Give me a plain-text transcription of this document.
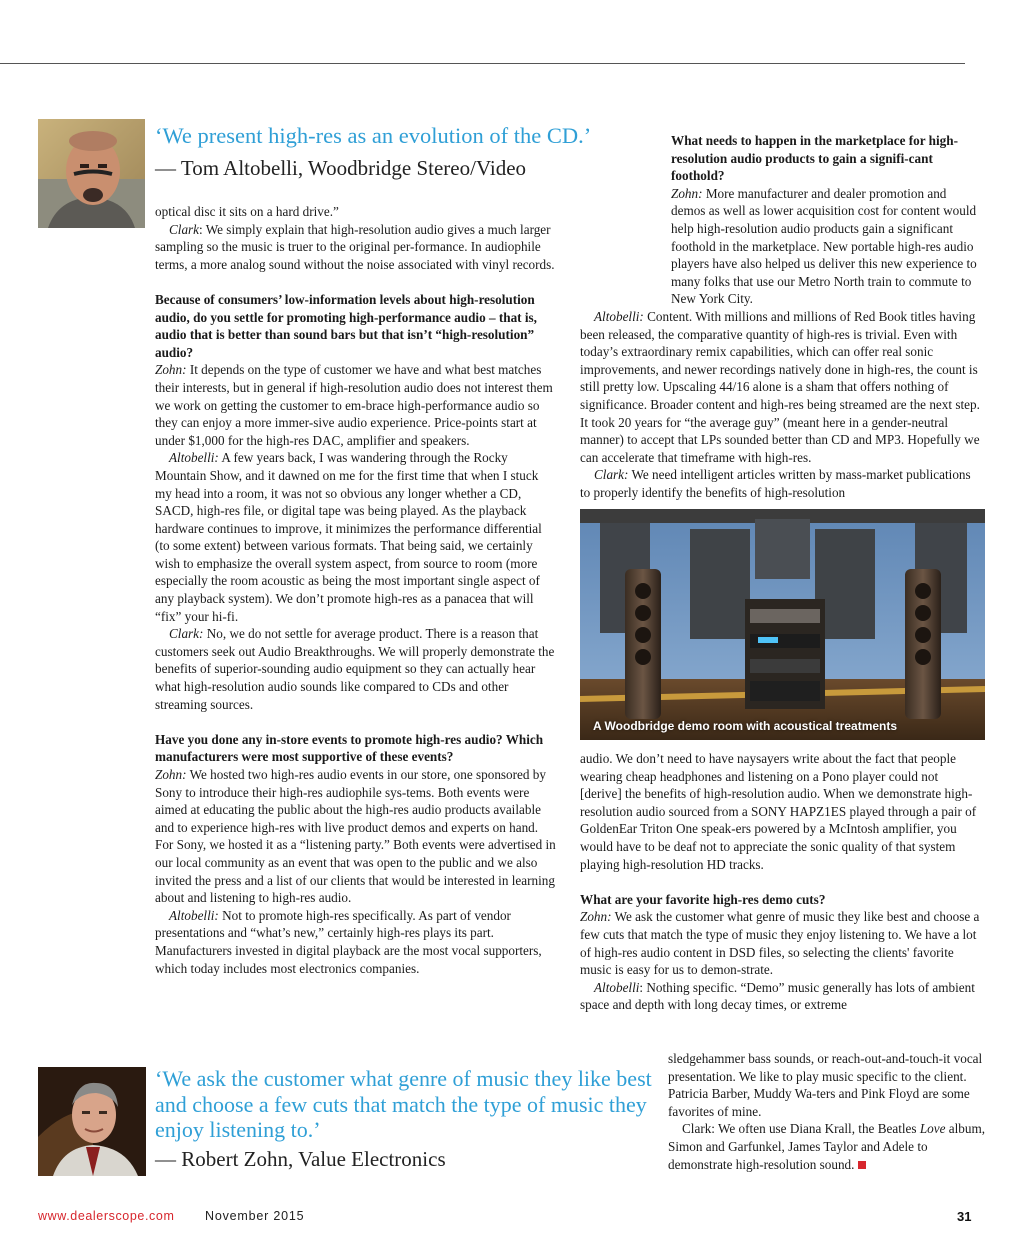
‘We present high-res as an evolution of the CD.’
— Tom Altobelli, Woodbridge Stereo/Video

optical disc it sits on a hard drive.”

Clark: We simply explain that high-resolution audio gives a much larger sampling so the music is truer to the original per-formance. In audiophile terms, a more analog sound without the noise associated with vinyl records.

Because of consumers’ low-information levels about high-resolution audio, do you settle for promoting high-performance audio – that is, audio that is better than sound bars but that isn’t “high-resolution” audio?

Zohn: It depends on the type of customer we have and what best matches their interests, but in general if high-resolution audio does not interest them we work on getting the customer to em-brace high-performance audio so they can enjoy a more immer-sive audio experience. Price-points start at under $1,000 for the high-res DAC, amplifier and speakers.

Altobelli: A few years back, I was wandering through the Rocky Mountain Show, and it dawned on me for the first time that when I stuck my head into a room, it was not so obvious any longer whether a CD, SACD, high-res file, or digital tape was being played. As the playback hardware continues to improve, it minimizes the performance differential (to some extent) between various formats. That being said, we certainly wish to emphasize the overall system aspect, from source to room (more especially the room acoustic as being the most important single aspect of any playback system). We don’t promote high-res as a panacea that will “fix” your hi-fi.

Clark: No, we do not settle for average product. There is a reason that customers seek out Audio Breakthroughs. We will properly demonstrate the benefits of superior-sounding audio equipment so they can actually hear what high-resolution audio sounds like compared to CDs and other streaming sources.

Have you done any in-store events to promote high-res audio? Which manufacturers were most supportive of these events?

Zohn: We hosted two high-res audio events in our store, one sponsored by Sony to introduce their high-res audiophile sys-tems. Both events were aimed at educating the public about the high-res audio products available and to experience high-res with live product demos and experts on hand. For Sony, we hosted it as a “listening party.” Both events were advertised in our local community as an event that was open to the public and we also invited the press and a list of our clients that would be interested in learning about and listening to high-res audio.

Altobelli: Not to promote high-res specifically. As part of vendor presentations and “what’s new,” certainly high-res plays its part. Manufacturers invested in digital playback are the most vocal supporters, which today includes most electronics companies.

What needs to happen in the marketplace for high-resolution audio products to gain a signifi-cant foothold?

Zohn: More manufacturer and dealer promotion and demos as well as lower acquisition cost for content would help high-resolution audio products gain a significant foothold in the marketplace. New portable high-res audio players have also helped us deliver this new experience to many folks that use our Metro North train to commute to New York City.

Altobelli: Content. With millions and millions of Red Book titles having been released, the comparative quantity of high-res is trivial. Even with today’s extraordinary remix capabilities, which can offer real sonic improvements, and newer recordings natively done in high-res, the count is still pretty low. Upscaling 44/16 alone is a sham that offers nothing of significance. Broader content and high-res being streamed are the next step. It took 20 years for “the average guy” (meant here in a gender-neutral manner) to accept that LPs sounded better than CD and MP3. Hopefully we can accelerate that timeframe with high-res.

Clark: We need intelligent articles written by mass-market publications to properly identify the benefits of high-resolution

A Woodbridge demo room with acoustical treatments

audio. We don’t need to have naysayers write about the fact that people wearing cheap headphones and listening on a Pono player could not [derive] the benefits of high-resolution audio. When we demonstrate high-resolution audio sourced from a SONY HAPZ1ES played through a pair of GoldenEar Triton One speak-ers powered by a McIntosh amplifier, you would have to be deaf not to appreciate the sonic quality of that system playing high-resolution HD tracks.

What are your favorite high-res demo cuts?

Zohn: We ask the customer what genre of music they like best and choose a few cuts that match the type of music they enjoy listening to. We have a lot of high-res audio content in DSD files, so selecting the clients' favorite music is easy for us to demon-strate.

Altobelli: Nothing specific. “Demo” music generally has lots of ambient space and depth with long decay times, or extreme

sledgehammer bass sounds, or reach-out-and-touch-it vocal presentation. We like to play music specific to the client. Patricia Barber, Muddy Wa-ters and Pink Floyd are some favorites of mine.

Clark: We often use Diana Krall, the Beatles Love album, Simon and Garfunkel, James Taylor and Adele to demonstrate high-resolution sound.

‘We ask the customer what genre of music they like best and choose a few cuts that match the type of music they enjoy listening to.’
— Robert Zohn, Value Electronics
www.dealerscope.com November 2015	31
